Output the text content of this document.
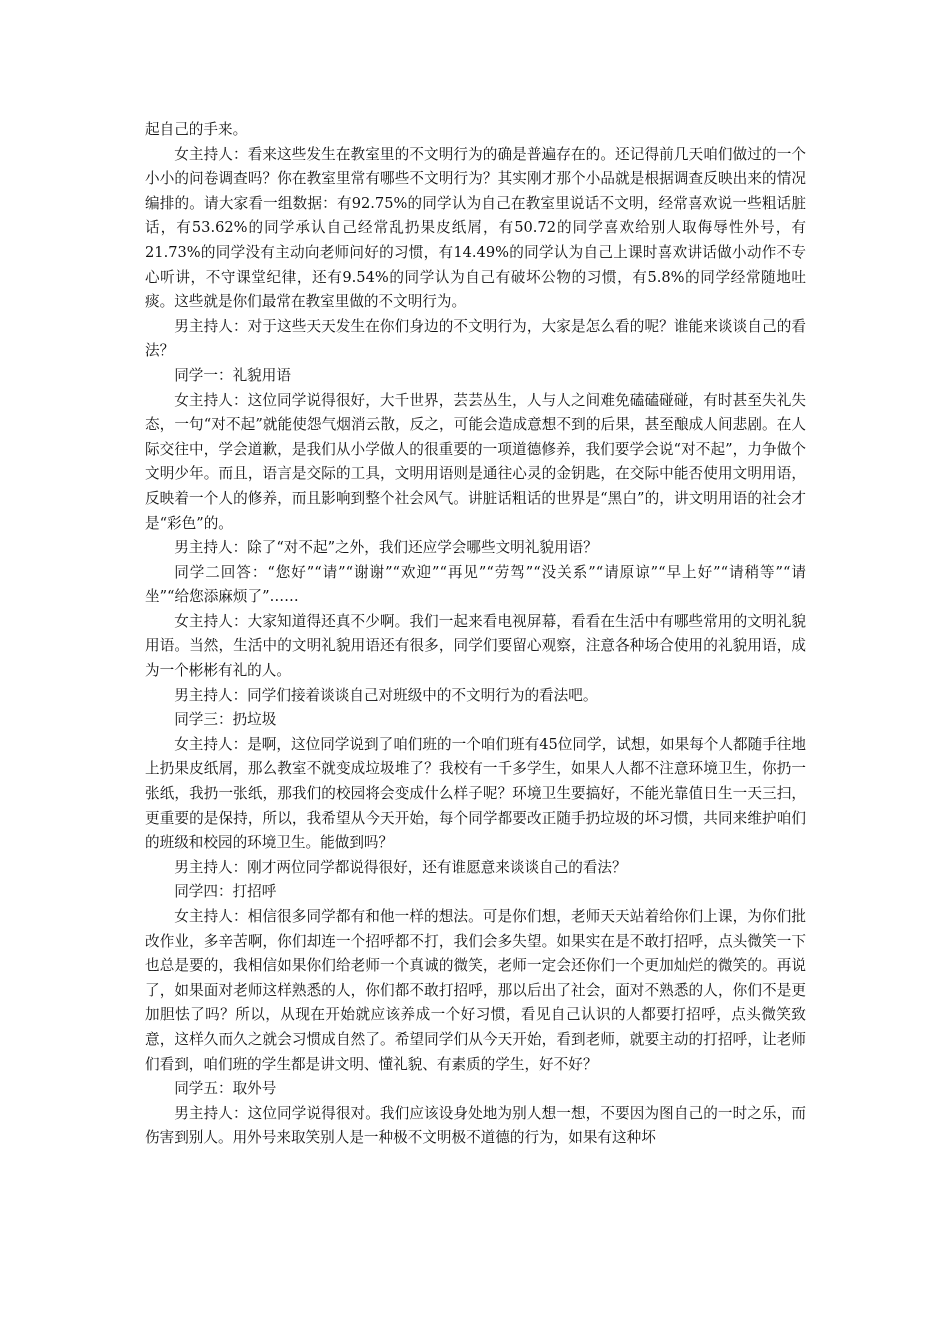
起自己的手来。

女主持人：看来这些发生在教室里的不文明行为的确是普遍存在的。还记得前几天咱们做过的一个小小的问卷调查吗？你在教室里常有哪些不文明行为？其实刚才那个小品就是根据调查反映出来的情况编排的。请大家看一组数据：有92.75%的同学认为自己在教室里说话不文明，经常喜欢说一些粗话脏话，有53.62%的同学承认自己经常乱扔果皮纸屑，有50.72的同学喜欢给别人取侮辱性外号，有21.73%的同学没有主动向老师问好的习惯，有14.49%的同学认为自己上课时喜欢讲话做小动作不专心听讲，不守课堂纪律，还有9.54%的同学认为自己有破坏公物的习惯，有5.8%的同学经常随地吐痰。这些就是你们最常在教室里做的不文明行为。

男主持人：对于这些天天发生在你们身边的不文明行为，大家是怎么看的呢？谁能来谈谈自己的看法？

同学一：礼貌用语

女主持人：这位同学说得很好，大千世界，芸芸丛生，人与人之间难免磕磕碰碰，有时甚至失礼失态，一句“对不起”就能使怨气烟消云散，反之，可能会造成意想不到的后果，甚至酿成人间悲剧。在人际交往中，学会道歉，是我们从小学做人的很重要的一项道德修养，我们要学会说“对不起”，力争做个文明少年。而且，语言是交际的工具，文明用语则是通往心灵的金钥匙，在交际中能否使用文明用语，反映着一个人的修养，而且影响到整个社会风气。讲脏话粗话的世界是“黑白”的，讲文明用语的社会才是“彩色”的。

男主持人：除了“对不起”之外，我们还应学会哪些文明礼貌用语？

同学二回答：“您好”“请”“谢谢”“欢迎”“再见”“劳驾”“没关系”“请原谅”“早上好”“请稍等”“请坐”“给您添麻烦了”……

女主持人：大家知道得还真不少啊。我们一起来看电视屏幕，看看在生活中有哪些常用的文明礼貌用语。当然，生活中的文明礼貌用语还有很多，同学们要留心观察，注意各种场合使用的礼貌用语，成为一个彬彬有礼的人。

男主持人：同学们接着谈谈自己对班级中的不文明行为的看法吧。

同学三：扔垃圾

女主持人：是啊，这位同学说到了咱们班的一个咱们班有45位同学，试想，如果每个人都随手往地上扔果皮纸屑，那么教室不就变成垃圾堆了？我校有一千多学生，如果人人都不注意环境卫生，你扔一张纸，我扔一张纸，那我们的校园将会变成什么样子呢？环境卫生要搞好，不能光靠值日生一天三扫，更重要的是保持，所以，我希望从今天开始，每个同学都要改正随手扔垃圾的坏习惯，共同来维护咱们的班级和校园的环境卫生。能做到吗？

男主持人：刚才两位同学都说得很好，还有谁愿意来谈谈自己的看法？

同学四：打招呼

女主持人：相信很多同学都有和他一样的想法。可是你们想，老师天天站着给你们上课，为你们批改作业，多辛苦啊，你们却连一个招呼都不打，我们会多失望。如果实在是不敢打招呼，点头微笑一下也总是要的，我相信如果你们给老师一个真诚的微笑，老师一定会还你们一个更加灿烂的微笑的。再说了，如果面对老师这样熟悉的人，你们都不敢打招呼，那以后出了社会，面对不熟悉的人，你们不是更加胆怯了吗？所以，从现在开始就应该养成一个好习惯，看见自己认识的人都要打招呼，点头微笑致意，这样久而久之就会习惯成自然了。希望同学们从今天开始，看到老师，就要主动的打招呼，让老师们看到，咱们班的学生都是讲文明、懂礼貌、有素质的学生，好不好？

同学五：取外号

男主持人：这位同学说得很对。我们应该设身处地为别人想一想，不要因为图自己的一时之乐，而伤害到别人。用外号来取笑别人是一种极不文明极不道德的行为，如果有这种坏
